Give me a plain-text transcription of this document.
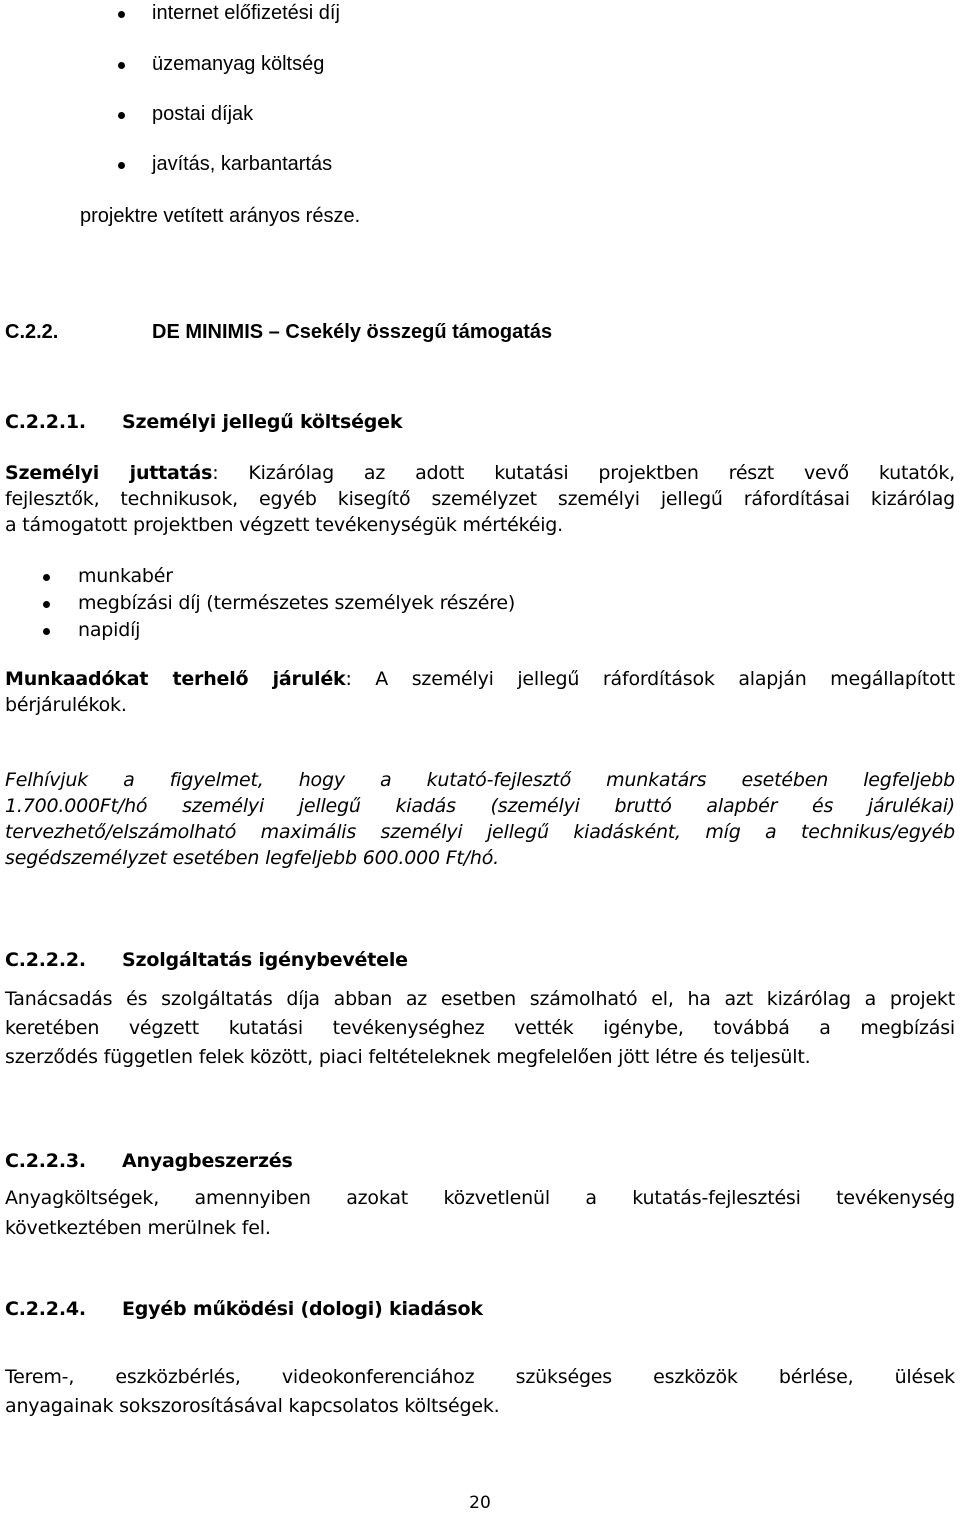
internet előfizetési díj
üzemanyag költség
postai díjak
javítás, karbantartás
projektre vetített arányos része.
C.2.2.	DE MINIMIS – Csekély összegű támogatás
C.2.2.1. Személyi jellegű költségek
Személyi juttatás: Kizárólag az adott kutatási projektben részt vevő kutatók,
fejlesztők, technikusok, egyéb kisegítő személyzet személyi jellegű ráfordításai kizárólag
a támogatott projektben végzett tevékenységük mértékéig.
munkabér
megbízási díj (természetes személyek részére)
napidíj
Munkaadókat terhelő járulék: A személyi jellegű ráfordítások alapján megállapított
bérjárulékok.
Felhívjuk a figyelmet, hogy a kutató-fejlesztő munkatárs esetében legfeljebb
1.700.000Ft/hó személyi jellegű kiadás (személyi bruttó alapbér és járulékai)
tervezhető/elszámolható maximális személyi jellegű kiadásként, míg a technikus/egyéb
segédszemélyzet esetében legfeljebb 600.000 Ft/hó.
C.2.2.2. Szolgáltatás igénybevétele
Tanácsadás és szolgáltatás díja abban az esetben számolható el, ha azt kizárólag a projekt
keretében végzett kutatási tevékenységhez vették igénybe, továbbá a megbízási
szerződés független felek között, piaci feltételeknek megfelelően jött létre és teljesült.
C.2.2.3. Anyagbeszerzés
Anyagköltségek, amennyiben azokat közvetlenül a kutatás-fejlesztési tevékenység
következtében merülnek fel.
C.2.2.4. Egyéb működési (dologi) kiadások
Terem-, eszközbérlés, videokonferenciához szükséges eszközök bérlése, ülések
anyagainak sokszorosításával kapcsolatos költségek.
20
